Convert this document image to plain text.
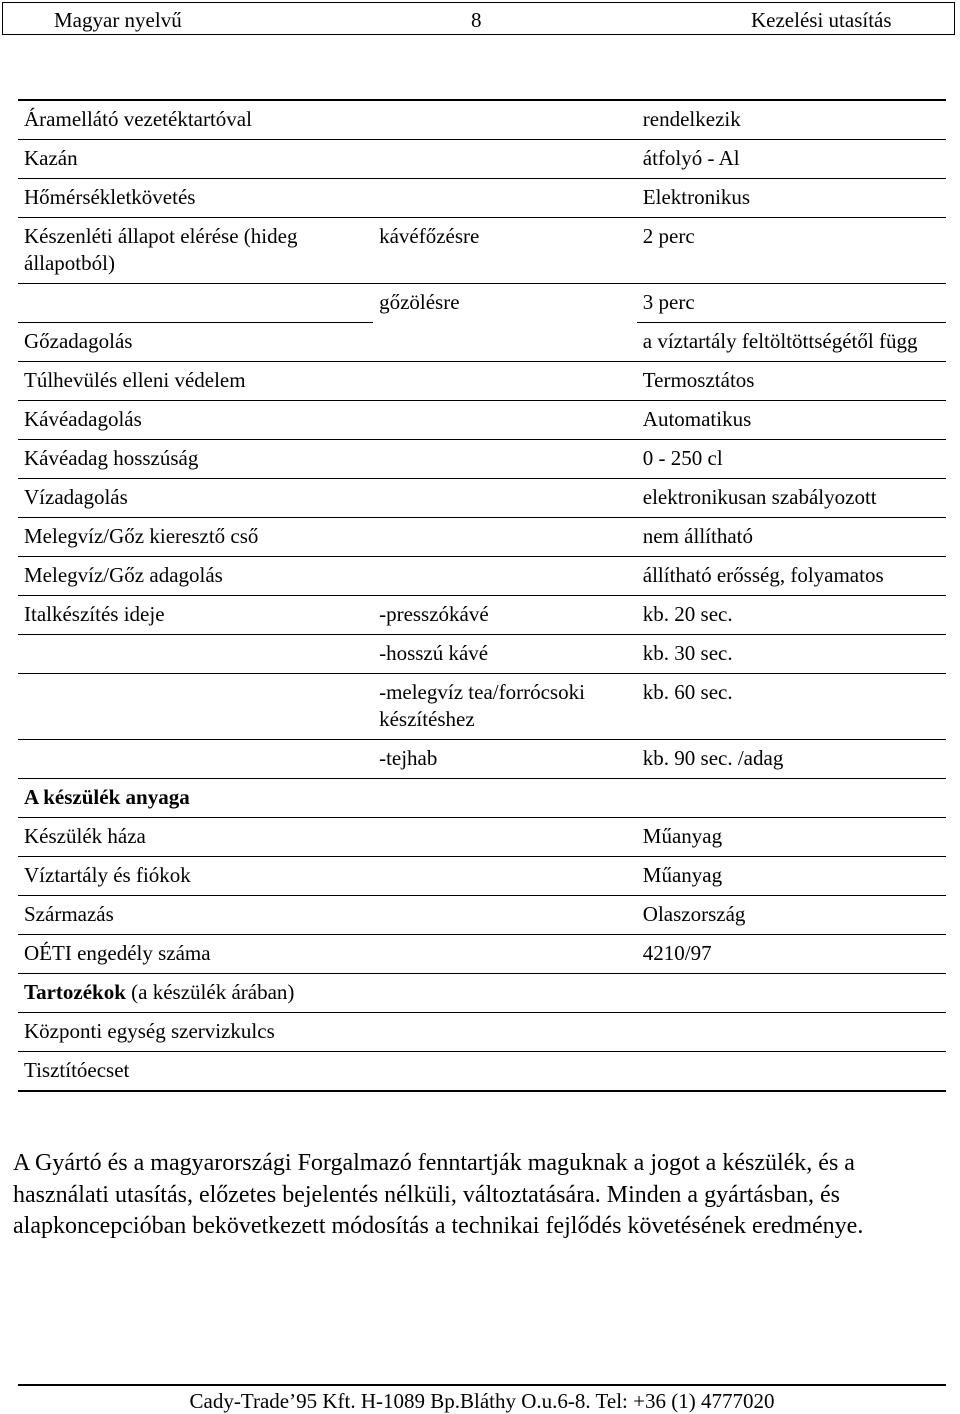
Magyar nyelvű	8	Kezelési utasítás
Áramellátó vezetéktartóval		rendelkezik
Kazán		átfolyó - Al
Hőmérsékletkövetés		Elektronikus
Készenléti állapot elérése (hideg állapotból)	kávéfőzésre	2 perc
	gőzölésre	3 perc
Gőzadagolás		a víztartály feltöltöttségétől függ
Túlhevülés elleni védelem		Termosztátos
Kávéadagolás		Automatikus
Kávéadag hosszúság		0 - 250 cl
Vízadagolás		elektronikusan szabályozott
Melegvíz/Gőz kieresztő cső		nem állítható
Melegvíz/Gőz adagolás		állítható erősség, folyamatos
Italkészítés ideje	-presszókávé	kb. 20 sec.
	-hosszú kávé	kb. 30 sec.
	-melegvíz tea/forrócsoki készítéshez	kb. 60 sec.
	-tejhab	kb. 90 sec. /adag
A készülék anyaga		
Készülék háza		Műanyag
Víztartály és fiókok		Műanyag
Származás		Olaszország
OÉTI engedély száma		4210/97
Tartozékok (a készülék árában)		
Központi egység szervizkulcs		
Tisztítóecset		
A Gyártó és a magyarországi Forgalmazó fenntartják maguknak a jogot a készülék, és a használati utasítás, előzetes bejelentés nélküli, változtatására. Minden a gyártásban, és alapkoncepcióban bekövetkezett módosítás a technikai fejlődés követésének eredménye.
Cady-Trade’95 Kft. H-1089 Bp.Bláthy O.u.6-8. Tel: +36 (1) 4777020
